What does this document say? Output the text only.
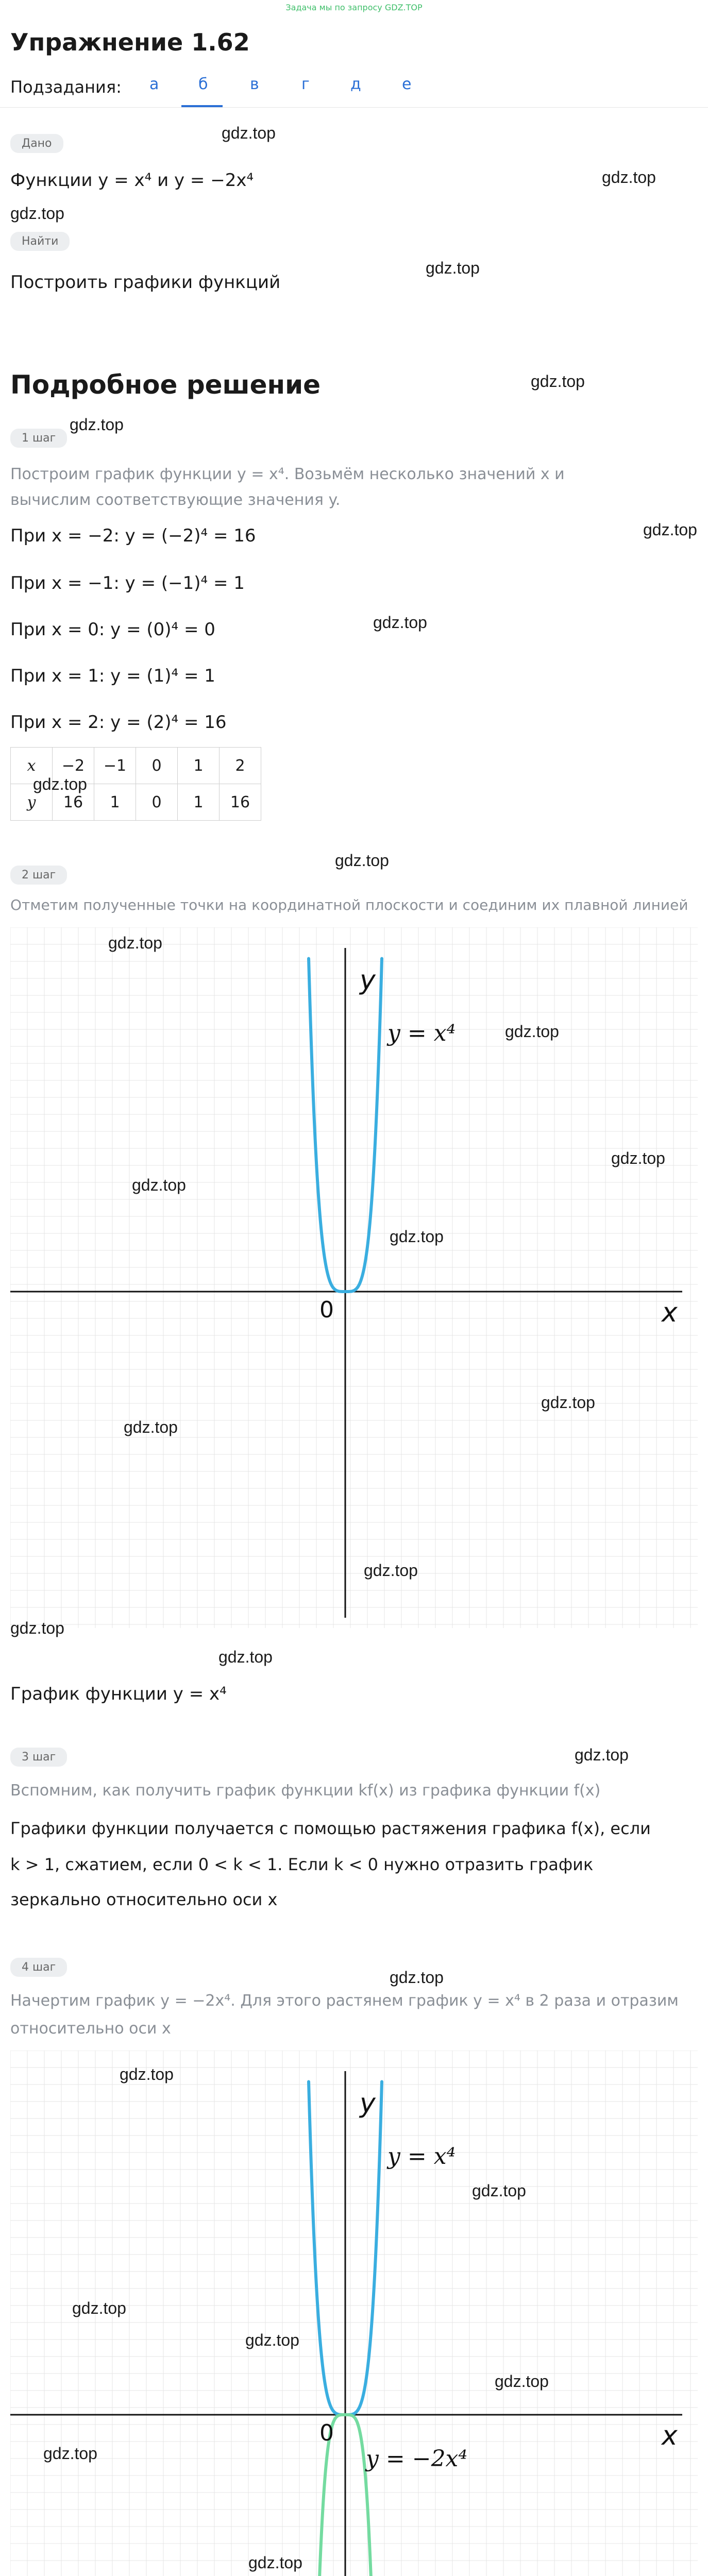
Задача мы по запросу GDZ.TOP
Упражнение 1.62
Подзадания: а	б	в	г	д	е
Дано
Функции y = x⁴ и y = −2x⁴
Найти
Построить графики функций
Подробное решение
1 шаг
Построим график функции y = x⁴. Возьмём несколько значений x и вычислим соответствующие значения y.
При x = −2: y = (−2)⁴ = 16
При x = −1: y = (−1)⁴ = 1
При x = 0: y = (0)⁴ = 0
При x = 1: y = (1)⁴ = 1
При x = 2: y = (2)⁴ = 16
x	−2	−1	0	1	2
y	16	1	0	1	16
2 шаг
Отметим полученные точки на координатной плоскости и соединим их плавной линией
x
y
0
y = x⁴
График функции y = x⁴
3 шаг
Вспомним, как получить график функции kf(x) из графика функции f(x)
Графики функции получается с помощью растяжения графика f(x), если
k > 1, сжатием, если 0 < k < 1. Если k < 0 нужно отразить график
зеркально относительно оси x
4 шаг
Начертим график y = −2x⁴. Для этого растянем график y = x⁴ в 2 раза и отразим
относительно оси x
x
y
0
y = x⁴
y = −2x⁴
gdz.top
gdz.top
gdz.top
gdz.top
gdz.top
gdz.top
gdz.top
gdz.top
gdz.top
gdz.top
gdz.top
gdz.top
gdz.top
gdz.top
gdz.top
gdz.top
gdz.top
gdz.top
gdz.top
gdz.top
gdz.top
gdz.top
gdz.top
gdz.top
gdz.top
gdz.top
gdz.top
gdz.top
gdz.top
